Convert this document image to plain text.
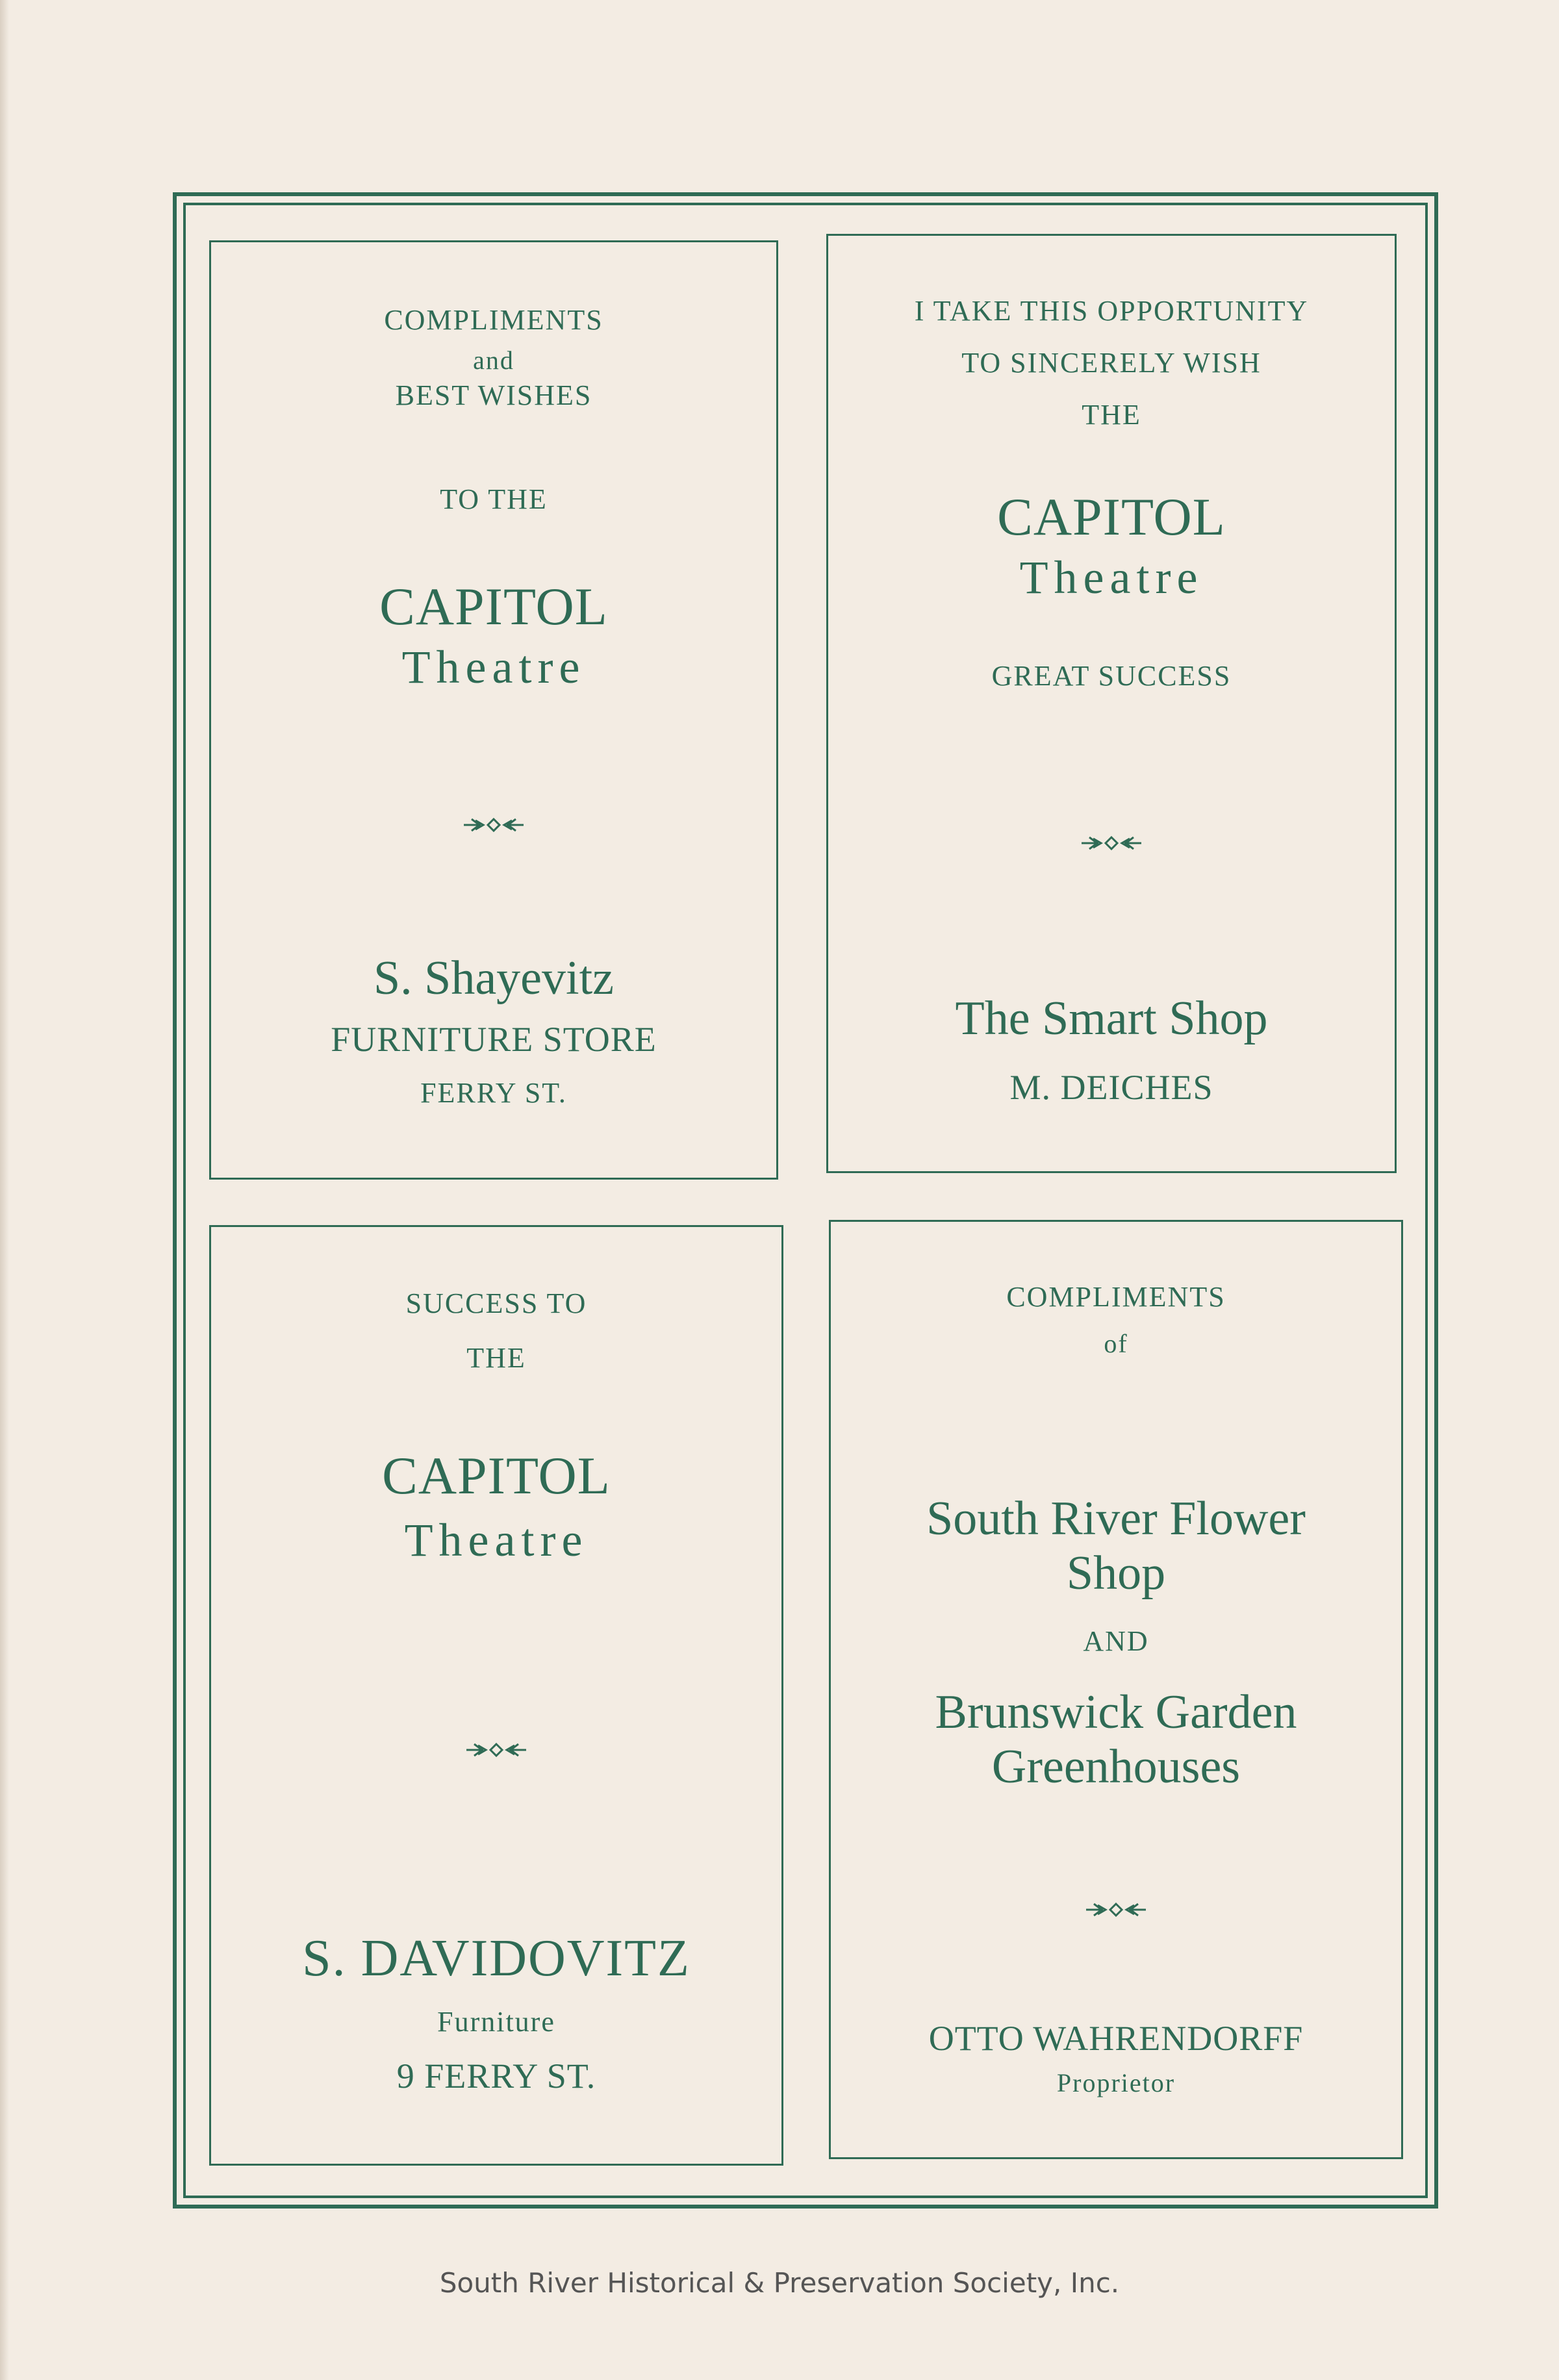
COMPLIMENTS
and
BEST WISHES
TO THE
CAPITOL
Theatre
S. Shayevitz
FURNITURE STORE
FERRY ST.
I TAKE THIS OPPORTUNITY
TO SINCERELY WISH
THE
CAPITOL
Theatre
GREAT SUCCESS
The Smart Shop
M. DEICHES
SUCCESS TO
THE
CAPITOL
Theatre
S. DAVIDOVITZ
Furniture
9 FERRY ST.
COMPLIMENTS
of
South River Flower
Shop
AND
Brunswick Garden
Greenhouses
OTTO WAHRENDORFF
Proprietor
South River Historical & Preservation Society, Inc.
